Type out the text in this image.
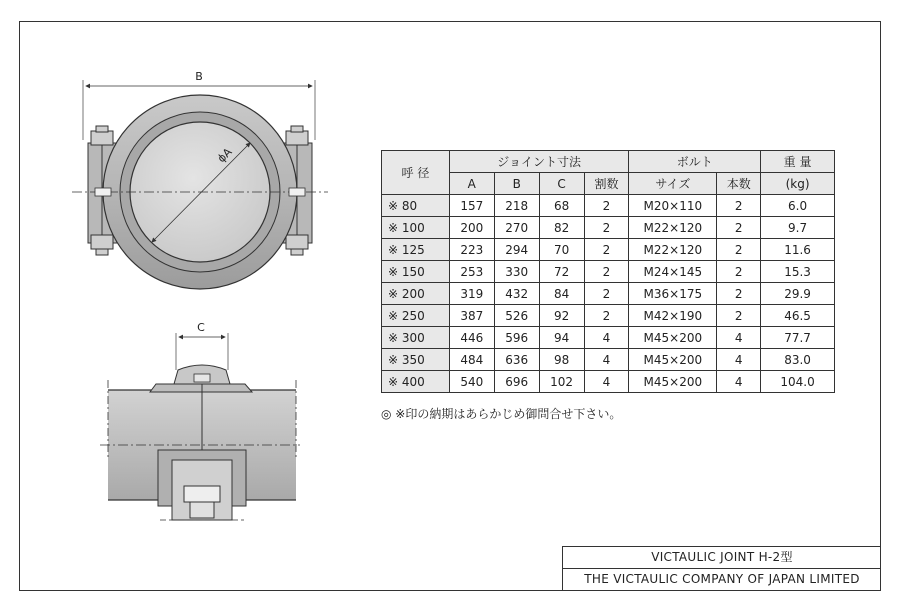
B
ϕA
C
呼 径	ジョイント寸法				ボルト		重 量
	A	B	C	割数	サイズ	本数	(kg)
※ 80	157	218	68	2	M20×110	2	6.0
※ 100	200	270	82	2	M22×120	2	9.7
※ 125	223	294	70	2	M22×120	2	11.6
※ 150	253	330	72	2	M24×145	2	15.3
※ 200	319	432	84	2	M36×175	2	29.9
※ 250	387	526	92	2	M42×190	2	46.5
※ 300	446	596	94	4	M45×200	4	77.7
※ 350	484	636	98	4	M45×200	4	83.0
※ 400	540	696	102	4	M45×200	4	104.0
◎ ※印の納期はあらかじめ御問合せ下さい。
VICTAULIC JOINT H-2型
THE VICTAULIC COMPANY OF JAPAN LIMITED
